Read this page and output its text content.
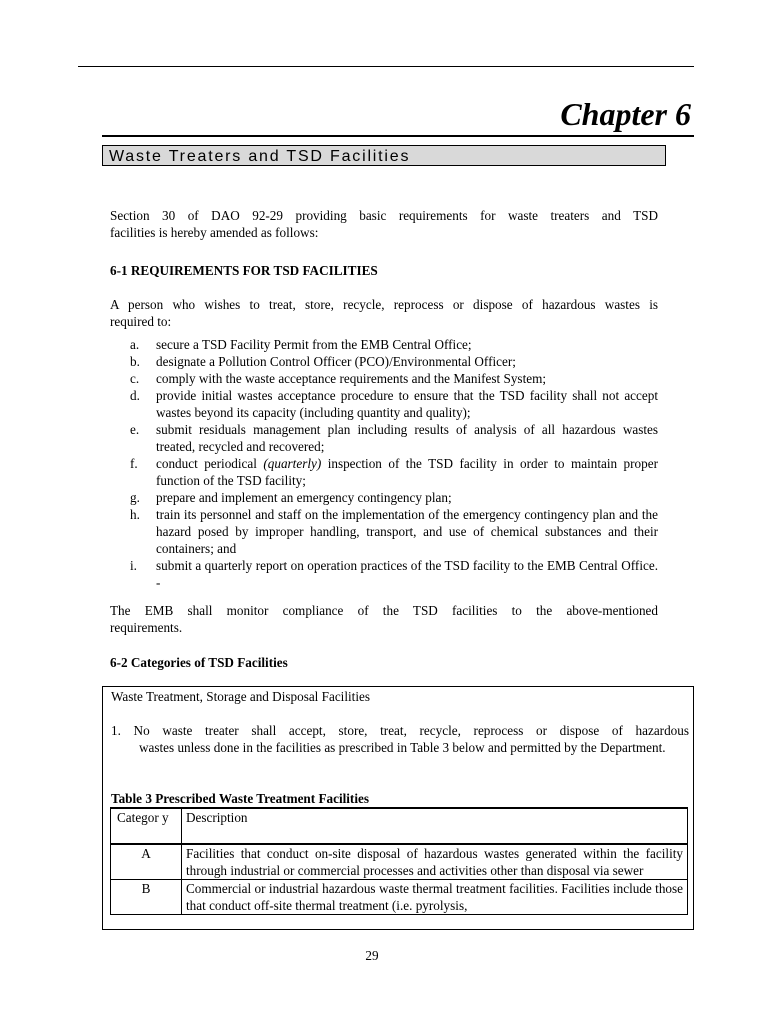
Chapter 6
Waste Treaters and TSD Facilities
Section 30 of DAO 92-29 providing basic requirements for waste treaters and TSD
facilities is hereby amended as follows:
6-1 REQUIREMENTS FOR TSD FACILITIES
A person who wishes to treat, store, recycle, reprocess or dispose of hazardous wastes is
required to:
a. secure a TSD Facility Permit from the EMB Central Office;
b. designate a Pollution Control Officer (PCO)/Environmental Officer;
c. comply with the waste acceptance requirements and the Manifest System;
d. provide initial wastes acceptance procedure to ensure that the TSD facility shall not accept wastes beyond its capacity (including quantity and quality);
e. submit residuals management plan including results of analysis of all hazardous wastes treated, recycled and recovered;
f. conduct periodical (quarterly) inspection of the TSD facility in order to maintain proper function of the TSD facility;
g. prepare and implement an emergency contingency plan;
h. train its personnel and staff on the implementation of the emergency contingency plan and the hazard posed by improper handling, transport, and use of chemical substances and their containers; and
i. submit a quarterly report on operation practices of the TSD facility to the EMB Central Office. -
The EMB shall monitor compliance of the TSD facilities to the above-mentioned
requirements.
6-2 Categories of TSD Facilities
Waste Treatment, Storage and Disposal Facilities
1. No waste treater shall accept, store, treat, recycle, reprocess or dispose of hazardous
wastes unless done in the facilities as prescribed in Table 3 below and permitted by the Department.
Table 3 Prescribed Waste Treatment Facilities
Categor y	Description
A	Facilities that conduct on-site disposal of hazardous wastes generated within the facility through industrial or commercial processes and activities other than disposal via sewer
B	Commercial or industrial hazardous waste thermal treatment facilities. Facilities include those that conduct off-site thermal treatment (i.e. pyrolysis,
29
